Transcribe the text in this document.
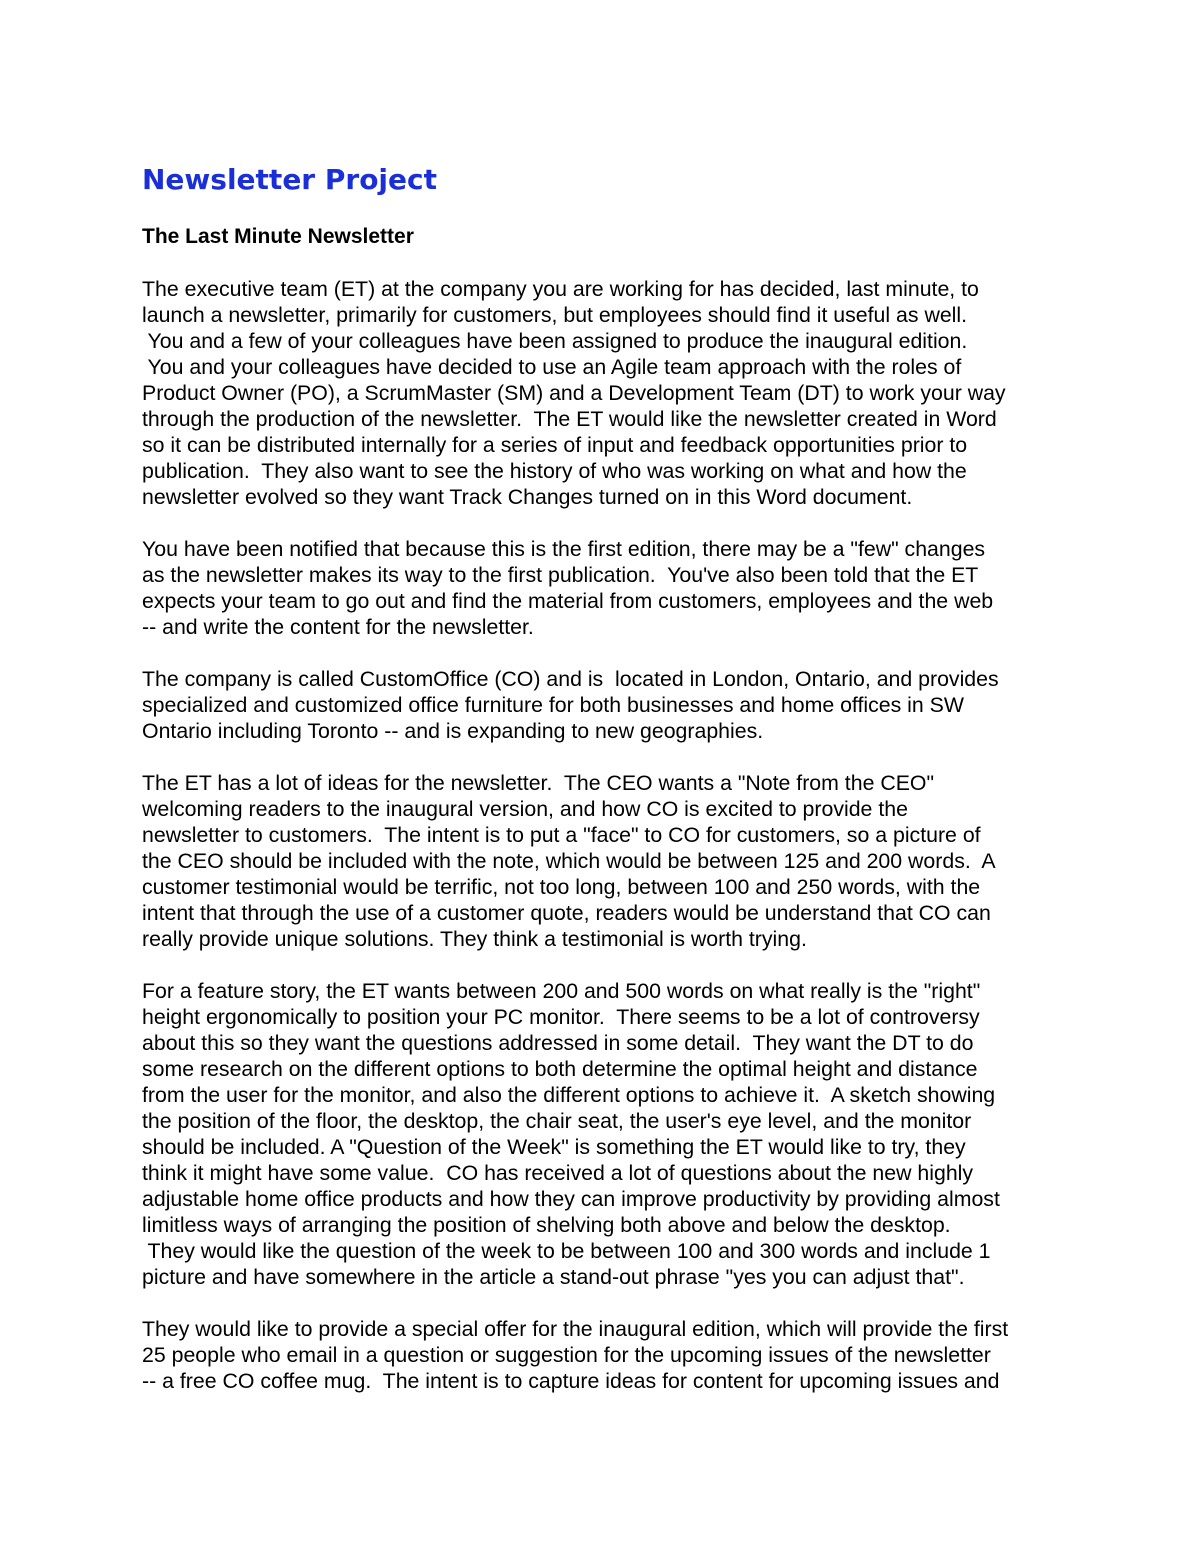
Newsletter Project
The Last Minute Newsletter
The executive team (ET) at the company you are working for has decided, last minute, to
launch a newsletter, primarily for customers, but employees should find it useful as well.
You and a few of your colleagues have been assigned to produce the inaugural edition.
You and your colleagues have decided to use an Agile team approach with the roles of
Product Owner (PO), a ScrumMaster (SM) and a Development Team (DT) to work your way
through the production of the newsletter.  The ET would like the newsletter created in Word
so it can be distributed internally for a series of input and feedback opportunities prior to
publication.  They also want to see the history of who was working on what and how the
newsletter evolved so they want Track Changes turned on in this Word document.
You have been notified that because this is the first edition, there may be a "few" changes
as the newsletter makes its way to the first publication.  You've also been told that the ET
expects your team to go out and find the material from customers, employees and the web
-- and write the content for the newsletter.
The company is called CustomOffice (CO) and is  located in London, Ontario, and provides
specialized and customized office furniture for both businesses and home offices in SW
Ontario including Toronto -- and is expanding to new geographies.
The ET has a lot of ideas for the newsletter.  The CEO wants a "Note from the CEO"
welcoming readers to the inaugural version, and how CO is excited to provide the
newsletter to customers.  The intent is to put a "face" to CO for customers, so a picture of
the CEO should be included with the note, which would be between 125 and 200 words.  A
customer testimonial would be terrific, not too long, between 100 and 250 words, with the
intent that through the use of a customer quote, readers would be understand that CO can
really provide unique solutions. They think a testimonial is worth trying.
For a feature story, the ET wants between 200 and 500 words on what really is the "right"
height ergonomically to position your PC monitor.  There seems to be a lot of controversy
about this so they want the questions addressed in some detail.  They want the DT to do
some research on the different options to both determine the optimal height and distance
from the user for the monitor, and also the different options to achieve it.  A sketch showing
the position of the floor, the desktop, the chair seat, the user's eye level, and the monitor
should be included. A "Question of the Week" is something the ET would like to try, they
think it might have some value.  CO has received a lot of questions about the new highly
adjustable home office products and how they can improve productivity by providing almost
limitless ways of arranging the position of shelving both above and below the desktop.
They would like the question of the week to be between 100 and 300 words and include 1
picture and have somewhere in the article a stand-out phrase "yes you can adjust that".
They would like to provide a special offer for the inaugural edition, which will provide the first
25 people who email in a question or suggestion for the upcoming issues of the newsletter
-- a free CO coffee mug.  The intent is to capture ideas for content for upcoming issues and
